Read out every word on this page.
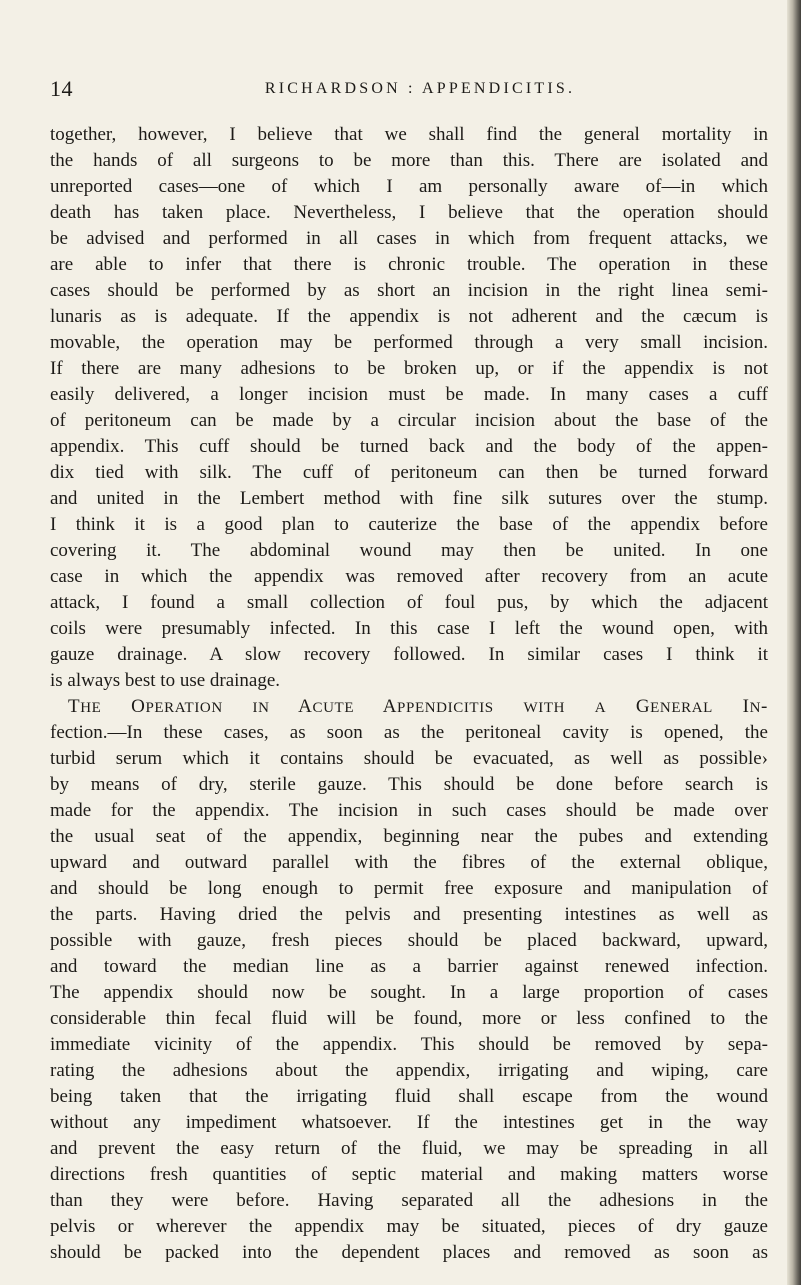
14	RICHARDSON : APPENDICITIS.
together, however, I believe that we shall find the general mortality in
the hands of all surgeons to be more than this. There are isolated and
unreported cases—one of which I am personally aware of—in which
death has taken place. Nevertheless, I believe that the operation should
be advised and performed in all cases in which from frequent attacks, we
are able to infer that there is chronic trouble. The operation in these
cases should be performed by as short an incision in the right linea semi-
lunaris as is adequate. If the appendix is not adherent and the cæcum is
movable, the operation may be performed through a very small incision.
If there are many adhesions to be broken up, or if the appendix is not
easily delivered, a longer incision must be made. In many cases a cuff
of peritoneum can be made by a circular incision about the base of the
appendix. This cuff should be turned back and the body of the appen-
dix tied with silk. The cuff of peritoneum can then be turned forward
and united in the Lembert method with fine silk sutures over the stump.
I think it is a good plan to cauterize the base of the appendix before
covering it. The abdominal wound may then be united. In one
case in which the appendix was removed after recovery from an acute
attack, I found a small collection of foul pus, by which the adjacent
coils were presumably infected. In this case I left the wound open, with
gauze drainage. A slow recovery followed. In similar cases I think it
is always best to use drainage.
THE OPERATION IN ACUTE APPENDICITIS WITH A GENERAL IN-
fection.—In these cases, as soon as the peritoneal cavity is opened, the
turbid serum which it contains should be evacuated, as well as possible›
by means of dry, sterile gauze. This should be done before search is
made for the appendix. The incision in such cases should be made over
the usual seat of the appendix, beginning near the pubes and extending
upward and outward parallel with the fibres of the external oblique,
and should be long enough to permit free exposure and manipulation of
the parts. Having dried the pelvis and presenting intestines as well as
possible with gauze, fresh pieces should be placed backward, upward,
and toward the median line as a barrier against renewed infection.
The appendix should now be sought. In a large proportion of cases
considerable thin fecal fluid will be found, more or less confined to the
immediate vicinity of the appendix. This should be removed by sepa-
rating the adhesions about the appendix, irrigating and wiping, care
being taken that the irrigating fluid shall escape from the wound
without any impediment whatsoever. If the intestines get in the way
and prevent the easy return of the fluid, we may be spreading in all
directions fresh quantities of septic material and making matters worse
than they were before. Having separated all the adhesions in the
pelvis or wherever the appendix may be situated, pieces of dry gauze
should be packed into the dependent places and removed as soon as
